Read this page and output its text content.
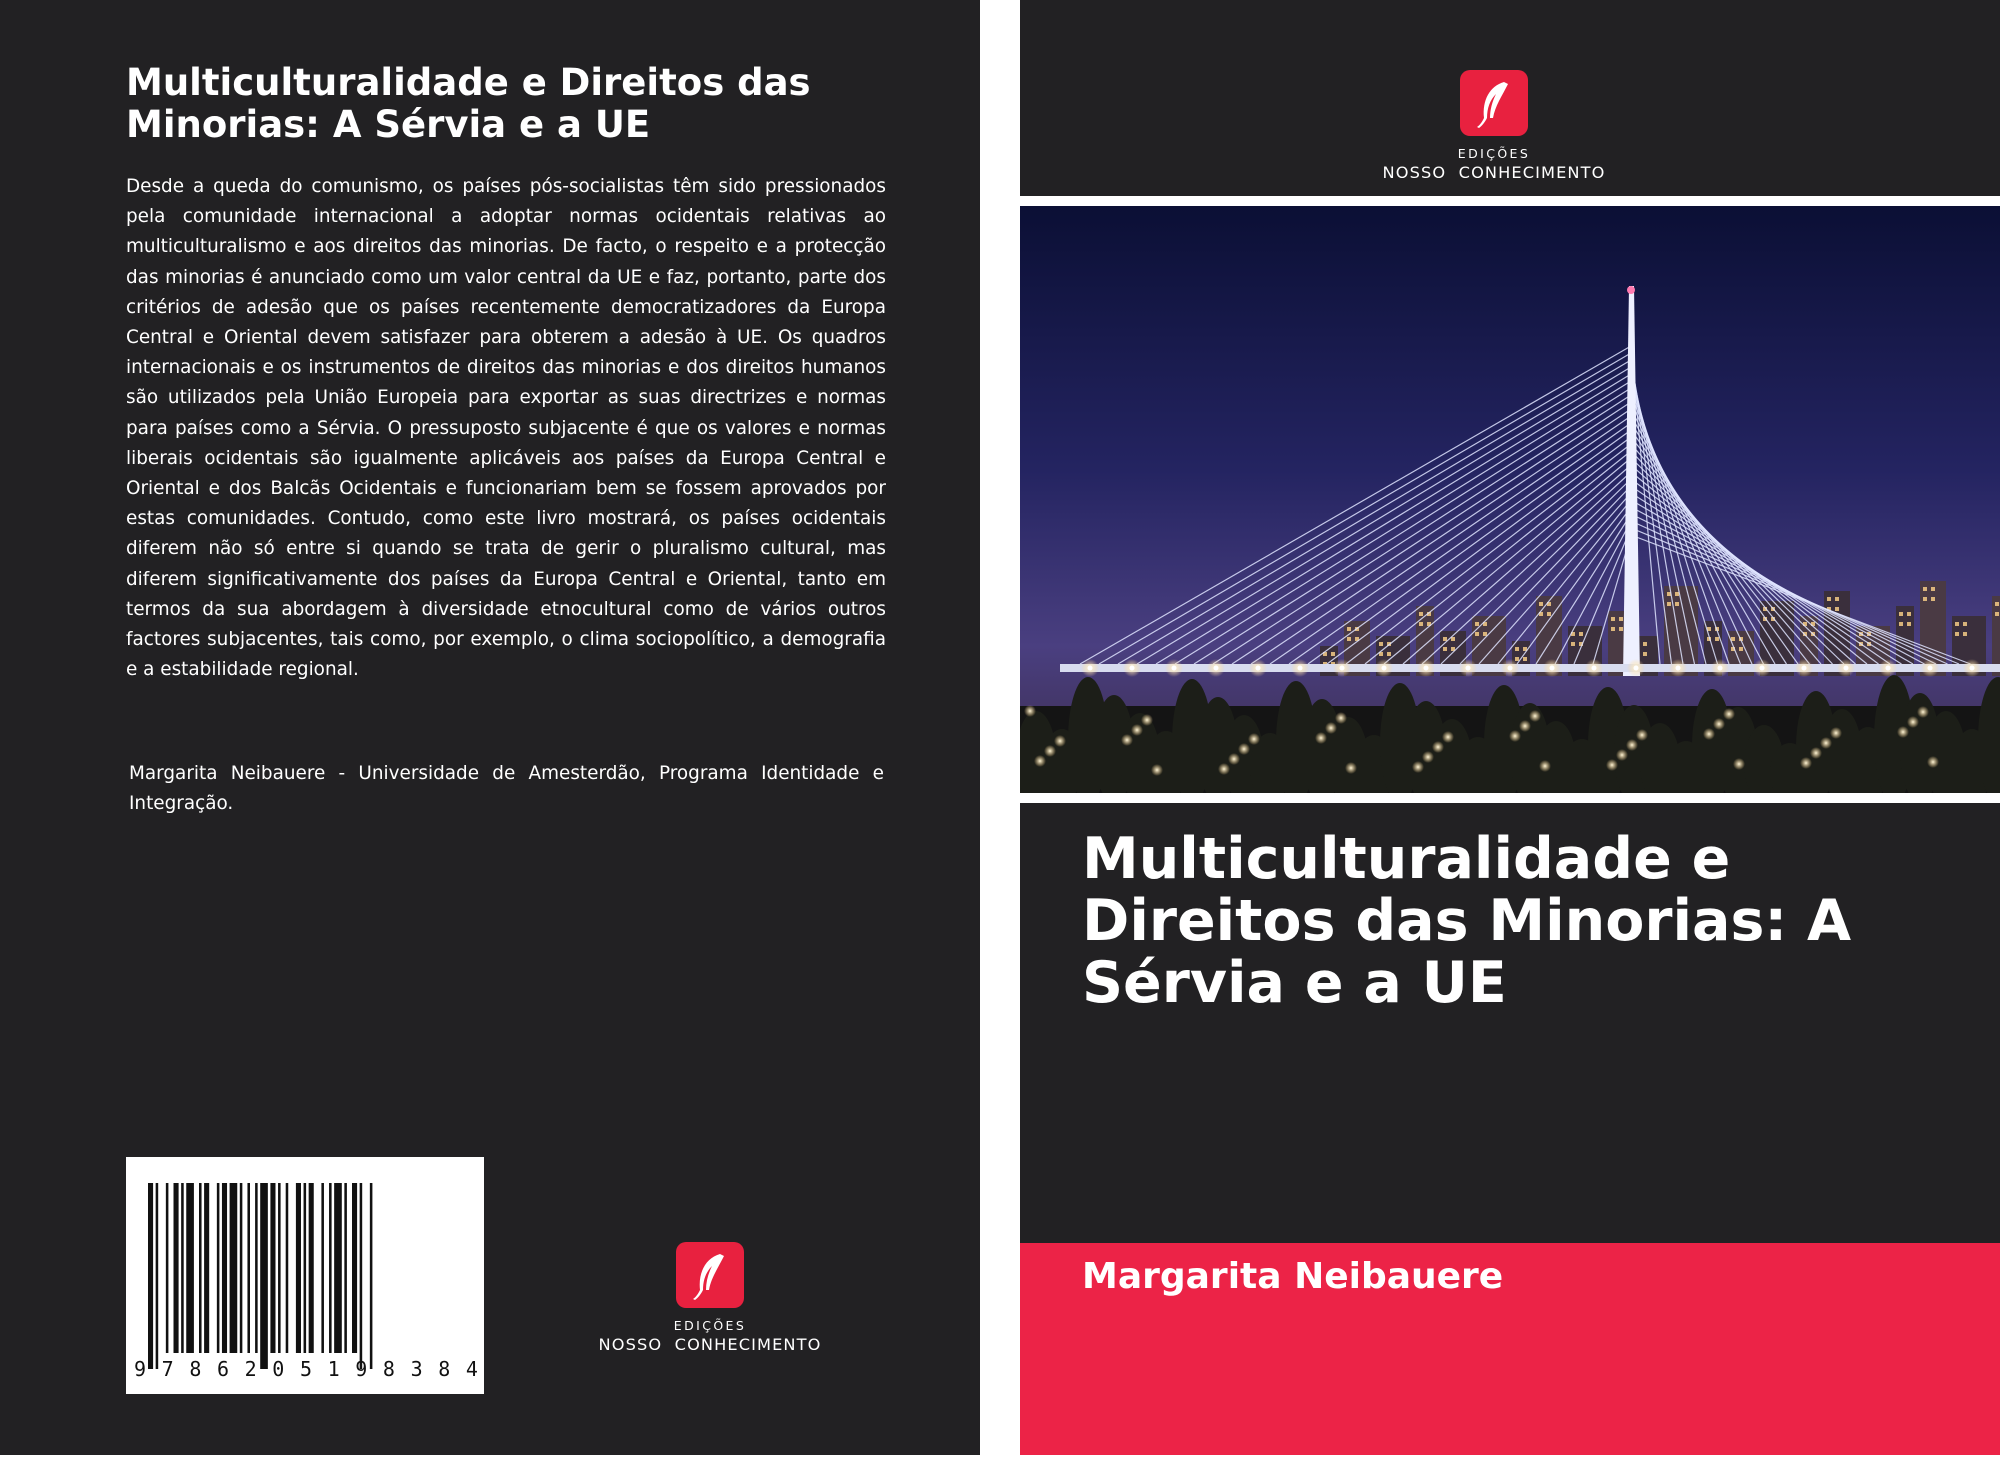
Multiculturalidade e Direitos das Minorias: A Sérvia e a UE

Desde a queda do comunismo, os países pós-socialistas têm sido pressionados pela comunidade internacional a adoptar normas ocidentais relativas ao multiculturalismo e aos direitos das minorias. De facto, o respeito e a protecção das minorias é anunciado como um valor central da UE e faz, portanto, parte dos critérios de adesão que os países recentemente democratizadores da Europa Central e Oriental devem satisfazer para obterem a adesão à UE. Os quadros internacionais e os instrumentos de direitos das minorias e dos direitos humanos são utilizados pela União Europeia para exportar as suas directrizes e normas para países como a Sérvia. O pressuposto subjacente é que os valores e normas liberais ocidentais são igualmente aplicáveis aos países da Europa Central e Oriental e dos Balcãs Ocidentais e funcionariam bem se fossem aprovados por estas comunidades. Contudo, como este livro mostrará, os países ocidentais diferem não só entre si quando se trata de gerir o pluralismo cultural, mas diferem significativamente dos países da Europa Central e Oriental, tanto em termos da sua abordagem à diversidade etnocultural como de vários outros factores subjacentes, tais como, por exemplo, o clima sociopolítico, a demografia e a estabilidade regional.

Margarita Neibauere - Universidade de Amesterdão, Programa Identidade e Integração.

9 7 8 6 2 0 5 1 9 8 3 8 4
EDIÇÕES
NOSSO  CONHECIMENTO
EDIÇÕES
NOSSO  CONHECIMENTO
Multiculturalidade e Direitos das Minorias: A Sérvia e a UE
Margarita Neibauere
